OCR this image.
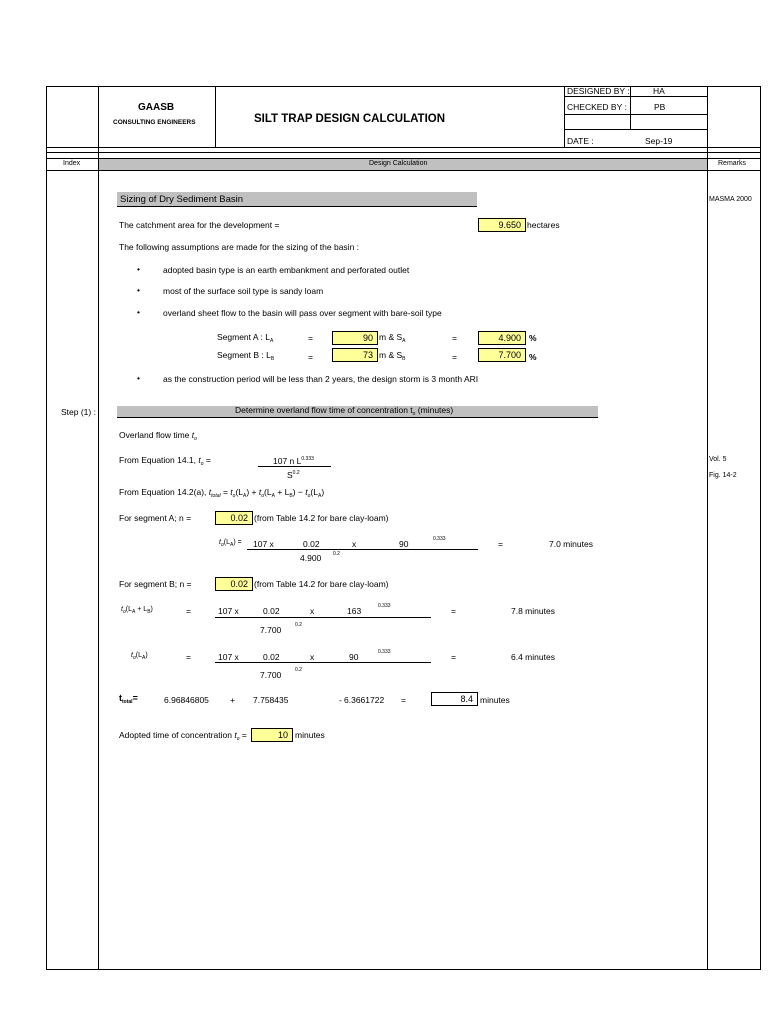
GAASB
CONSULTING ENGINEERS	SILT TRAP DESIGN CALCULATION
DESIGNED BY :	HA
CHECKED BY :	PB
DATE :	Sep-19
Index	Design Calculation	Remarks
Sizing of Dry Sediment Basin
The catchment area for the development =	9.650 hectares
The following assumptions are made for the sizing of the basin :
•	adopted basin type is an earth embankment and perforated outlet
•	most of the surface soil type is sandy loam
•	overland sheet flow to the basin will pass over segment with bare-soil type
Segment A : $L_A$	=	90 m & $S_A$	=	4.900 %
Segment B : $L_B$	=	73 m & $S_B$	=	7.700 %
•	as the construction period will be less than 2 years, the design storm is 3 month ARI
Step (1) :	Determine overland flow time of concentration $t_o$ (minutes)
Overland flow time $t_o$
From Equation 14.1, $t_o$ =	107 n $L^{0.333}$
$S^{0.2}$
From Equation 14.2(a), $t_{total} = t_o(L_A) + t_o(L_A + L_B) - t_o(L_A)$
For segment A; n =	0.02 (from Table 14.2 for bare clay-loam)
$t_o(L_A) = 107$ x	0.02	x	90	0.333
4.900 0.2
=	7.0 minutes
For segment B; n =	0.02 (from Table 14.2 for bare clay-loam)
$t_o(L_A + L_B)$	=	107 x	0.02	x	163	0.333
7.700	0.2
=	7.8 minutes
$t_o(L_A)$	=	107 x	0.02	x	90	0.333
7.700	0.2
=	6.4 minutes
$t_{total}=$	6.96846805 + 7.758435	- 6.3661722 =	8.4 minutes
Adopted time of concentration $t_o$ =	10 minutes
MASMA 2000
Vol. 5
Fig. 14-2
